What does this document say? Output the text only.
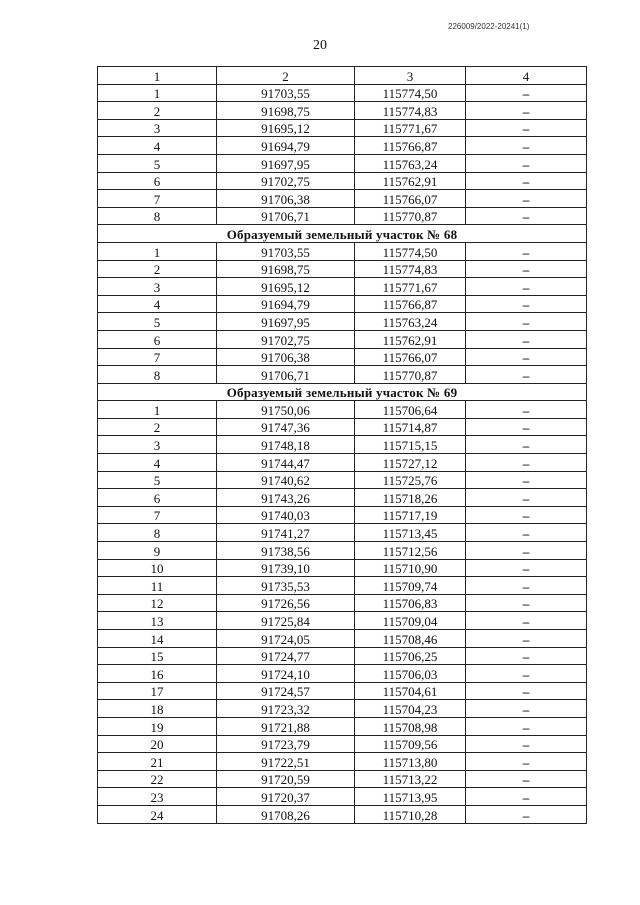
226009/2022-20241(1)
20
1	2	3	4
1	91703,55	115774,50	–
2	91698,75	115774,83	–
3	91695,12	115771,67	–
4	91694,79	115766,87	–
5	91697,95	115763,24	–
6	91702,75	115762,91	–
7	91706,38	115766,07	–
8	91706,71	115770,87	–
Образуемый земельный участок № 68			
1	91703,55	115774,50	–
2	91698,75	115774,83	–
3	91695,12	115771,67	–
4	91694,79	115766,87	–
5	91697,95	115763,24	–
6	91702,75	115762,91	–
7	91706,38	115766,07	–
8	91706,71	115770,87	–
Образуемый земельный участок № 69			
1	91750,06	115706,64	–
2	91747,36	115714,87	–
3	91748,18	115715,15	–
4	91744,47	115727,12	–
5	91740,62	115725,76	–
6	91743,26	115718,26	–
7	91740,03	115717,19	–
8	91741,27	115713,45	–
9	91738,56	115712,56	–
10	91739,10	115710,90	–
11	91735,53	115709,74	–
12	91726,56	115706,83	–
13	91725,84	115709,04	–
14	91724,05	115708,46	–
15	91724,77	115706,25	–
16	91724,10	115706,03	–
17	91724,57	115704,61	–
18	91723,32	115704,23	–
19	91721,88	115708,98	–
20	91723,79	115709,56	–
21	91722,51	115713,80	–
22	91720,59	115713,22	–
23	91720,37	115713,95	–
24	91708,26	115710,28	–
